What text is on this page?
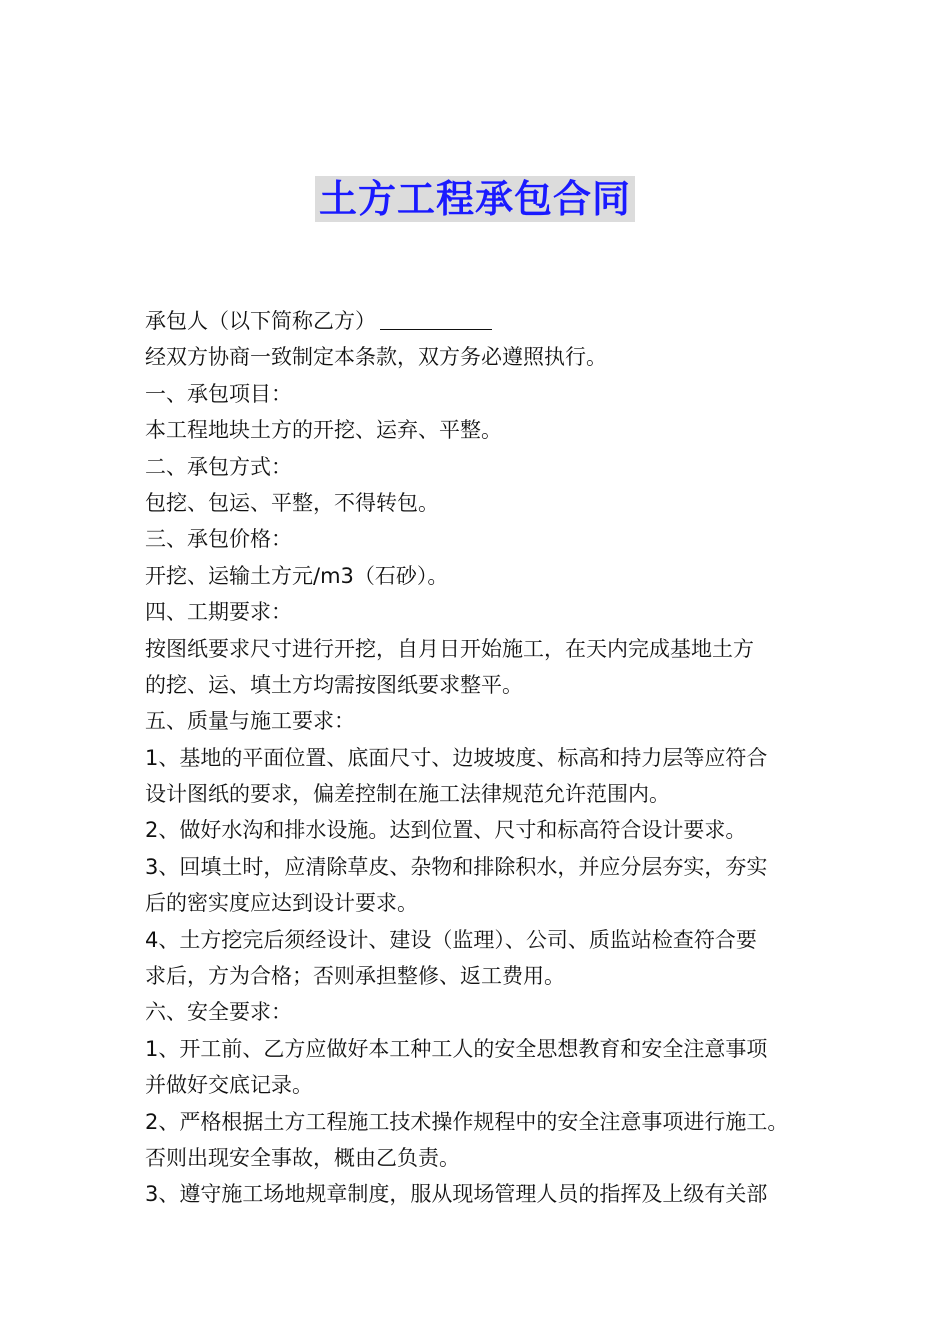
土方工程承包合同
承包人（以下简称乙方）
经双方协商一致制定本条款，双方务必遵照执行。
一、承包项目：
本工程地块土方的开挖、运弃、平整。
二、承包方式：
包挖、包运、平整，不得转包。
三、承包价格：
开挖、运输土方元/m3（石砂）。
四、工期要求：
按图纸要求尺寸进行开挖，自月日开始施工，在天内完成基地土方
的挖、运、填土方均需按图纸要求整平。
五、质量与施工要求：
1、基地的平面位置、底面尺寸、边坡坡度、标高和持力层等应符合
设计图纸的要求，偏差控制在施工法律规范允许范围内。
2、做好水沟和排水设施。达到位置、尺寸和标高符合设计要求。
3、回填土时，应清除草皮、杂物和排除积水，并应分层夯实，夯实
后的密实度应达到设计要求。
4、土方挖完后须经设计、建设（监理）、公司、质监站检查符合要
求后，方为合格；否则承担整修、返工费用。
六、安全要求：
1、开工前、乙方应做好本工种工人的安全思想教育和安全注意事项
并做好交底记录。
2、严格根据土方工程施工技术操作规程中的安全注意事项进行施工。
否则出现安全事故，概由乙负责。
3、遵守施工场地规章制度，服从现场管理人员的指挥及上级有关部
